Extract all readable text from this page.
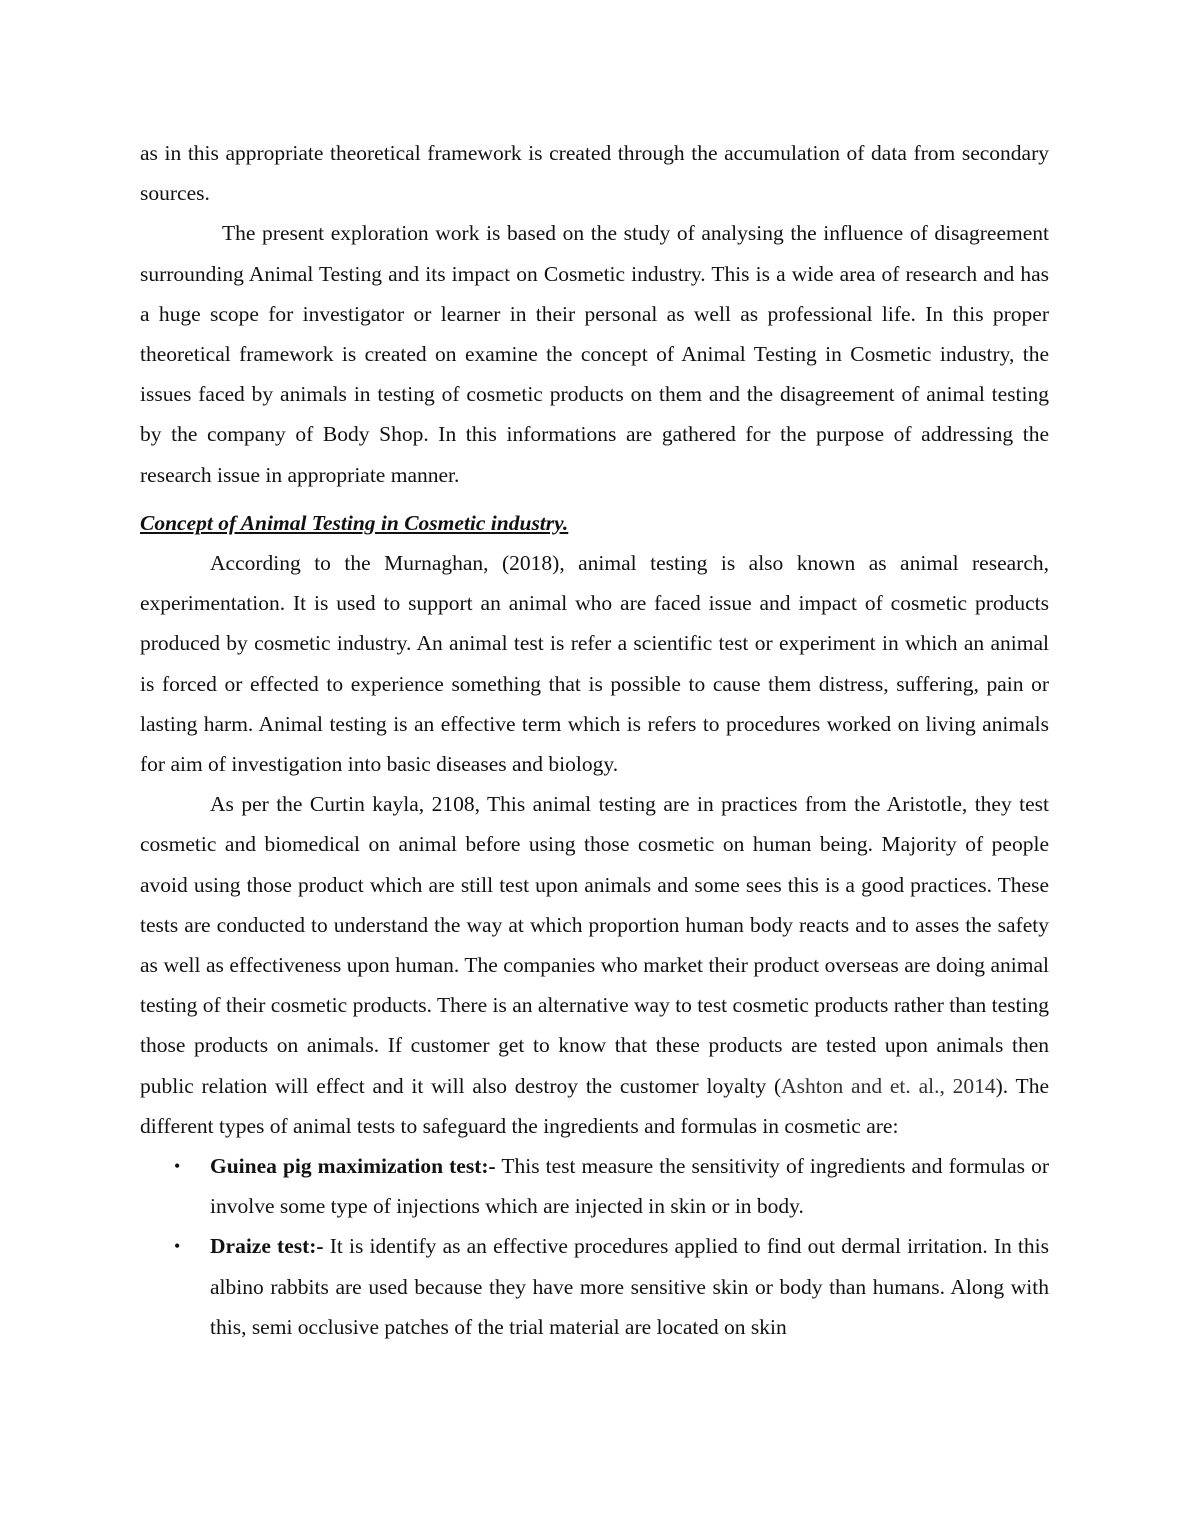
as in this appropriate theoretical framework is created through the accumulation of data from secondary sources.

The present exploration work is based on the study of analysing the influence of disagreement surrounding Animal Testing and its impact on Cosmetic industry. This is a wide area of research and has a huge scope for investigator or learner in their personal as well as professional life. In this proper theoretical framework is created on examine the concept of Animal Testing in Cosmetic industry, the issues faced by animals in testing of cosmetic products on them and the disagreement of animal testing by the company of Body Shop. In this informations are gathered for the purpose of addressing the research issue in appropriate manner.

Concept of Animal Testing in Cosmetic industry.

According to the Murnaghan, (2018), animal testing is also known as animal research, experimentation. It is used to support an animal who are faced issue and impact of cosmetic products produced by cosmetic industry. An animal test is refer a scientific test or experiment in which an animal is forced or effected to experience something that is possible to cause them distress, suffering, pain or lasting harm. Animal testing is an effective term which is refers to procedures worked on living animals for aim of investigation into basic diseases and biology.

As per the Curtin kayla, 2108, This animal testing are in practices from the Aristotle, they test cosmetic and biomedical on animal before using those cosmetic on human being. Majority of people avoid using those product which are still test upon animals and some sees this is a good practices. These tests are conducted to understand the way at which proportion human body reacts and to asses the safety as well as effectiveness upon human. The companies who market their product overseas are doing animal testing of their cosmetic products. There is an alternative way to test cosmetic products rather than testing those products on animals. If customer get to know that these products are tested upon animals then public relation will effect and it will also destroy the customer loyalty (Ashton and et. al., 2014). The different types of animal tests to safeguard the ingredients and formulas in cosmetic are:

• Guinea pig maximization test:- This test measure the sensitivity of ingredients and formulas or involve some type of injections which are injected in skin or in body.
• Draize test:- It is identify as an effective procedures applied to find out dermal irritation. In this albino rabbits are used because they have more sensitive skin or body than humans. Along with this, semi occlusive patches of the trial material are located on skin
